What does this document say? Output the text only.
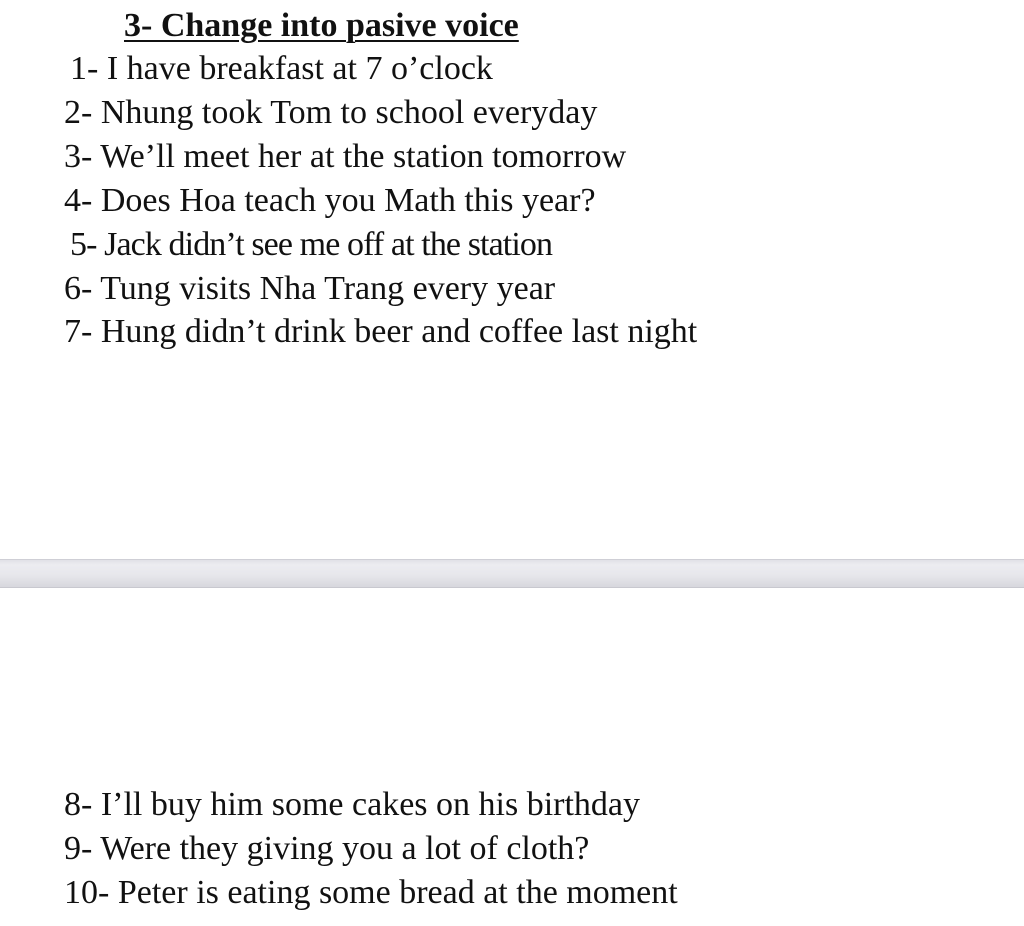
3- Change into pasive voice
1- I have breakfast at 7 o’clock
2- Nhung took Tom to school everyday
3- We’ll meet her at the station tomorrow
4- Does Hoa teach you Math this year?
5- Jack didn’t see me off at the station
6- Tung visits Nha Trang every year
7- Hung didn’t drink beer and coffee last night
8- I’ll buy him some cakes on his birthday
9- Were they giving you a lot of cloth?
10- Peter is eating some bread at the moment
